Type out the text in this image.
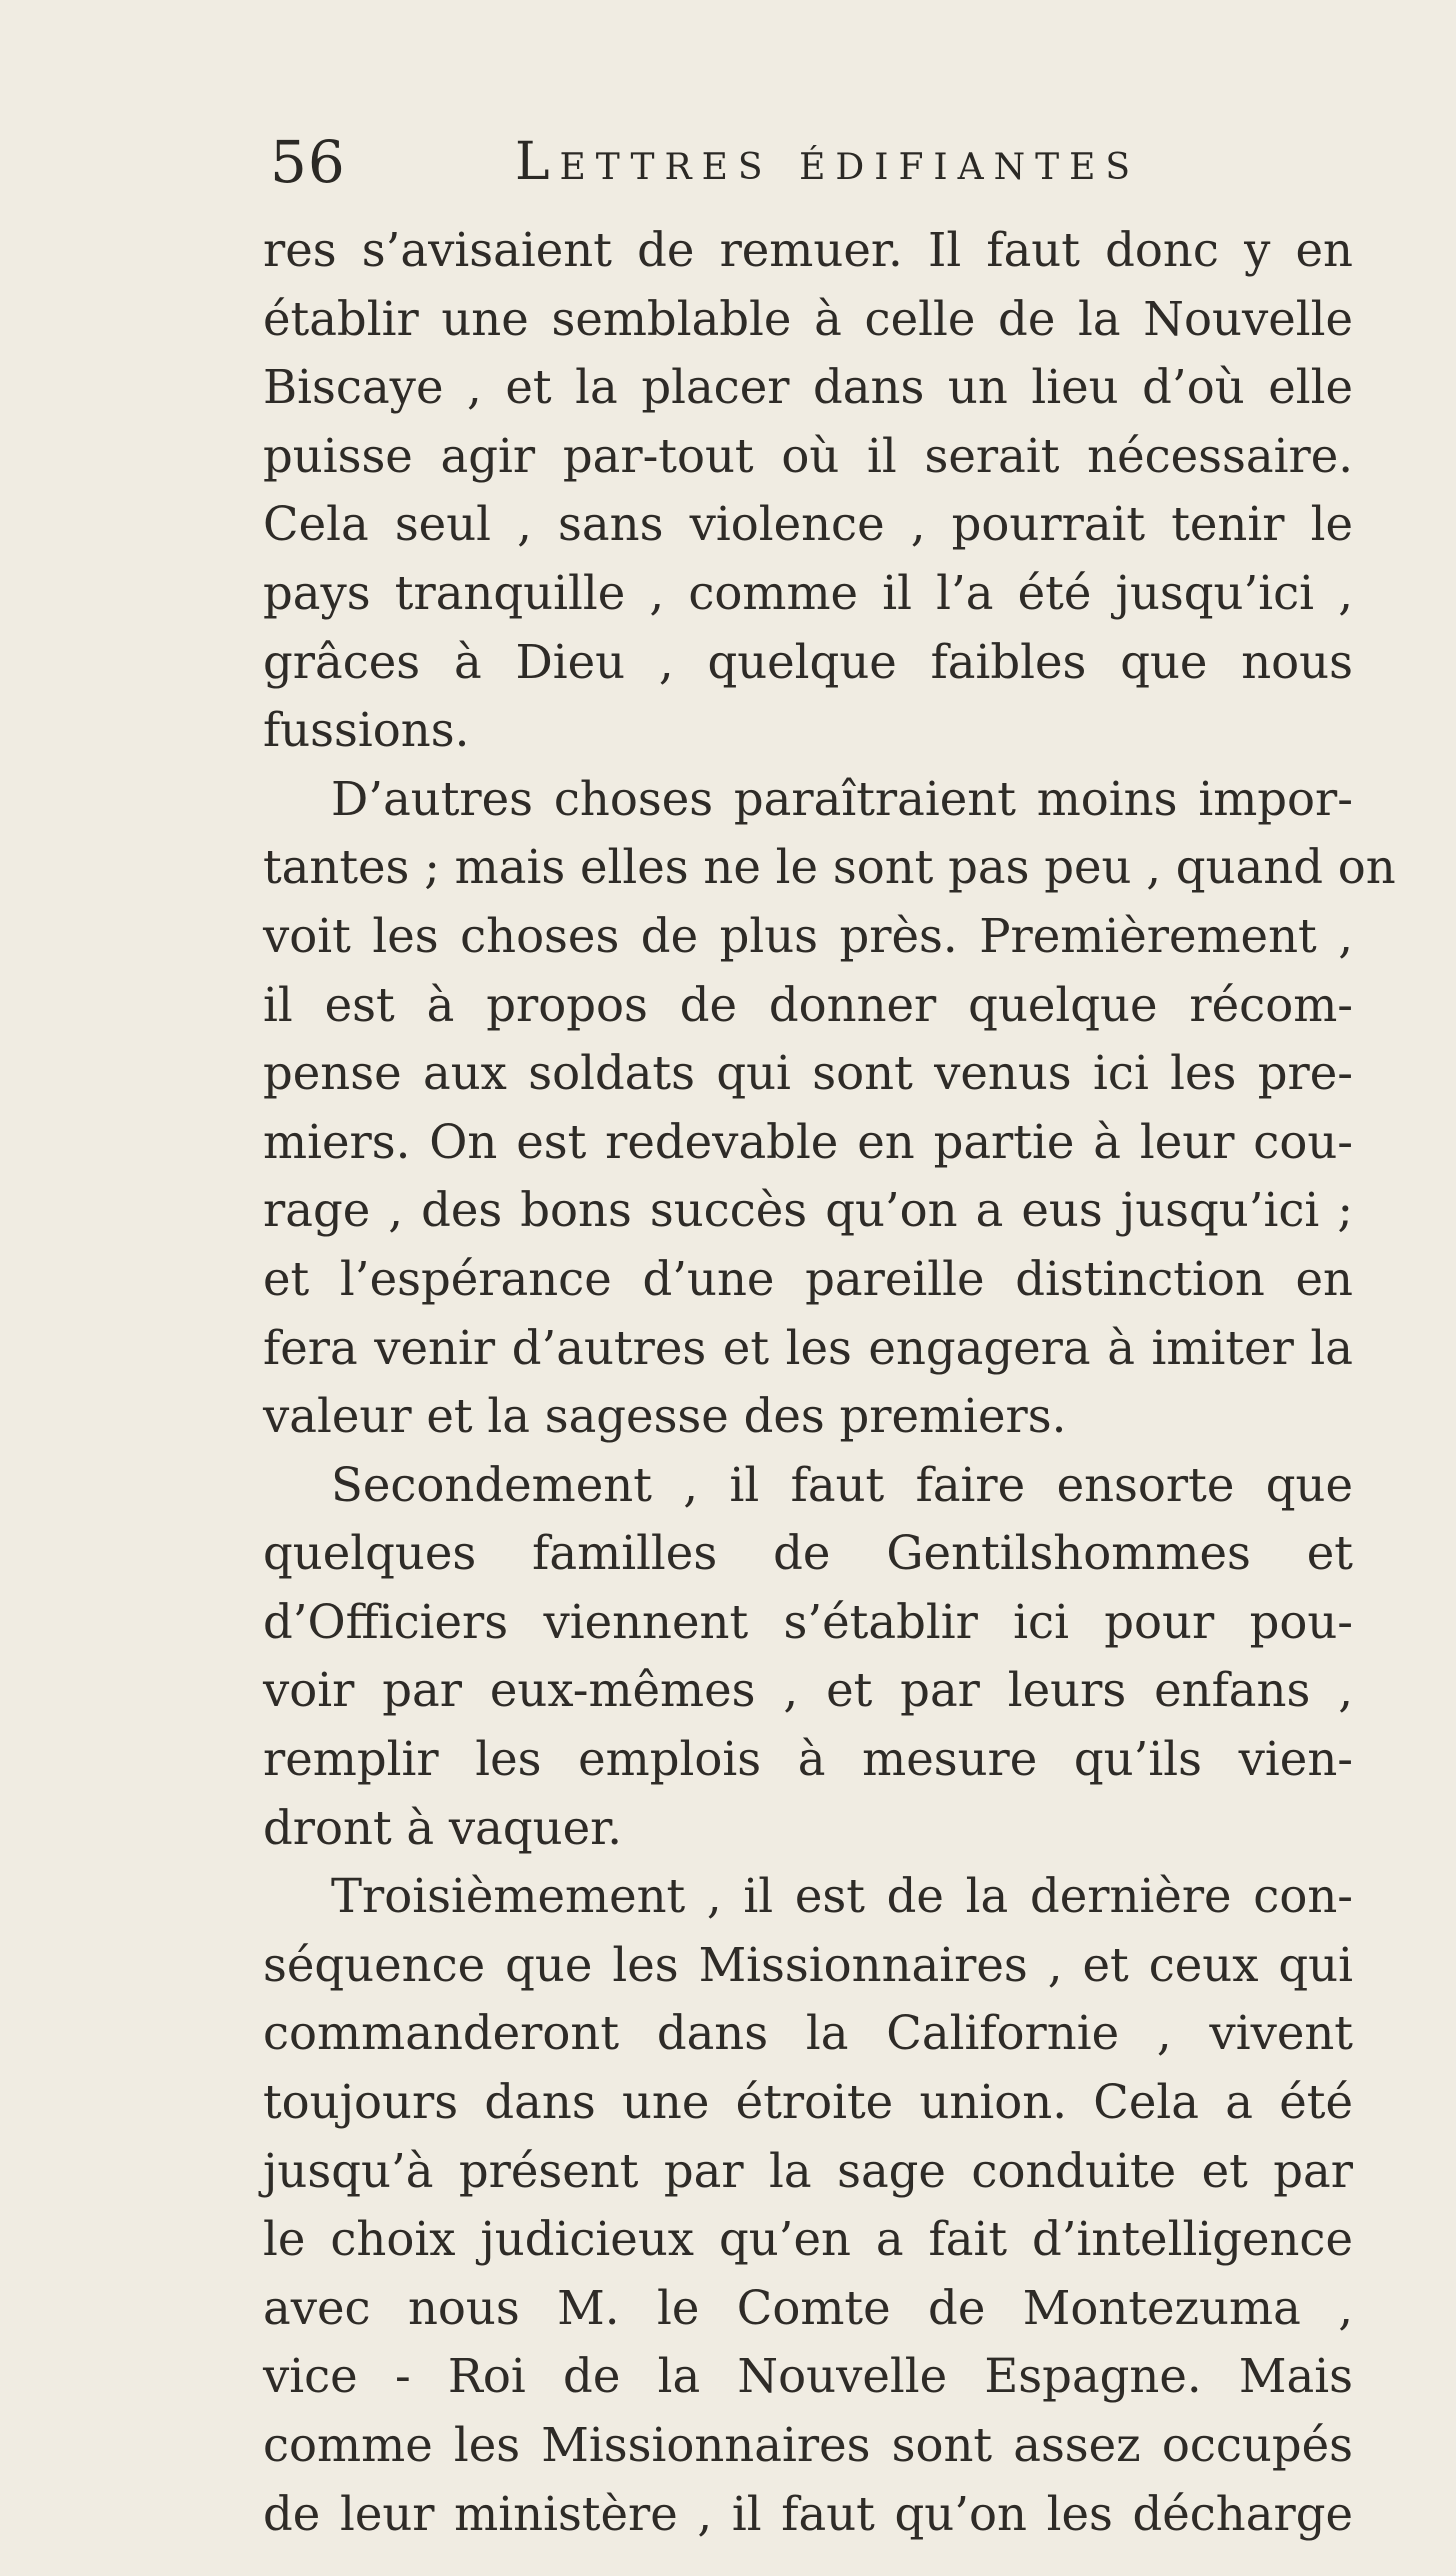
56	Lettres édifiantes
res s’avisaient de remuer. Il faut donc y en
établir une semblable à celle de la Nouvelle
Biscaye , et la placer dans un lieu d’où elle
puisse agir par-tout où il serait nécessaire.
Cela seul , sans violence , pourrait tenir le
pays tranquille , comme il l’a été jusqu’ici ,
grâces à Dieu , quelque faibles que nous
fussions.
D’autres choses paraîtraient moins impor-
tantes ; mais elles ne le sont pas peu , quand on
voit les choses de plus près. Premièrement ,
il est à propos de donner quelque récom-
pense aux soldats qui sont venus ici les pre-
miers. On est redevable en partie à leur cou-
rage , des bons succès qu’on a eus jusqu’ici ;
et l’espérance d’une pareille distinction en
fera venir d’autres et les engagera à imiter la
valeur et la sagesse des premiers.
Secondement , il faut faire ensorte que
quelques familles de Gentilshommes et
d’Officiers viennent s’établir ici pour pou-
voir par eux-mêmes , et par leurs enfans ,
remplir les emplois à mesure qu’ils vien-
dront à vaquer.
Troisièmement , il est de la dernière con-
séquence que les Missionnaires , et ceux qui
commanderont dans la Californie , vivent
toujours dans une étroite union. Cela a été
jusqu’à présent par la sage conduite et par
le choix judicieux qu’en a fait d’intelligence
avec nous M. le Comte de Montezuma ,
vice - Roi de la Nouvelle Espagne. Mais
comme les Missionnaires sont assez occupés
de leur ministère , il faut qu’on les décharge
